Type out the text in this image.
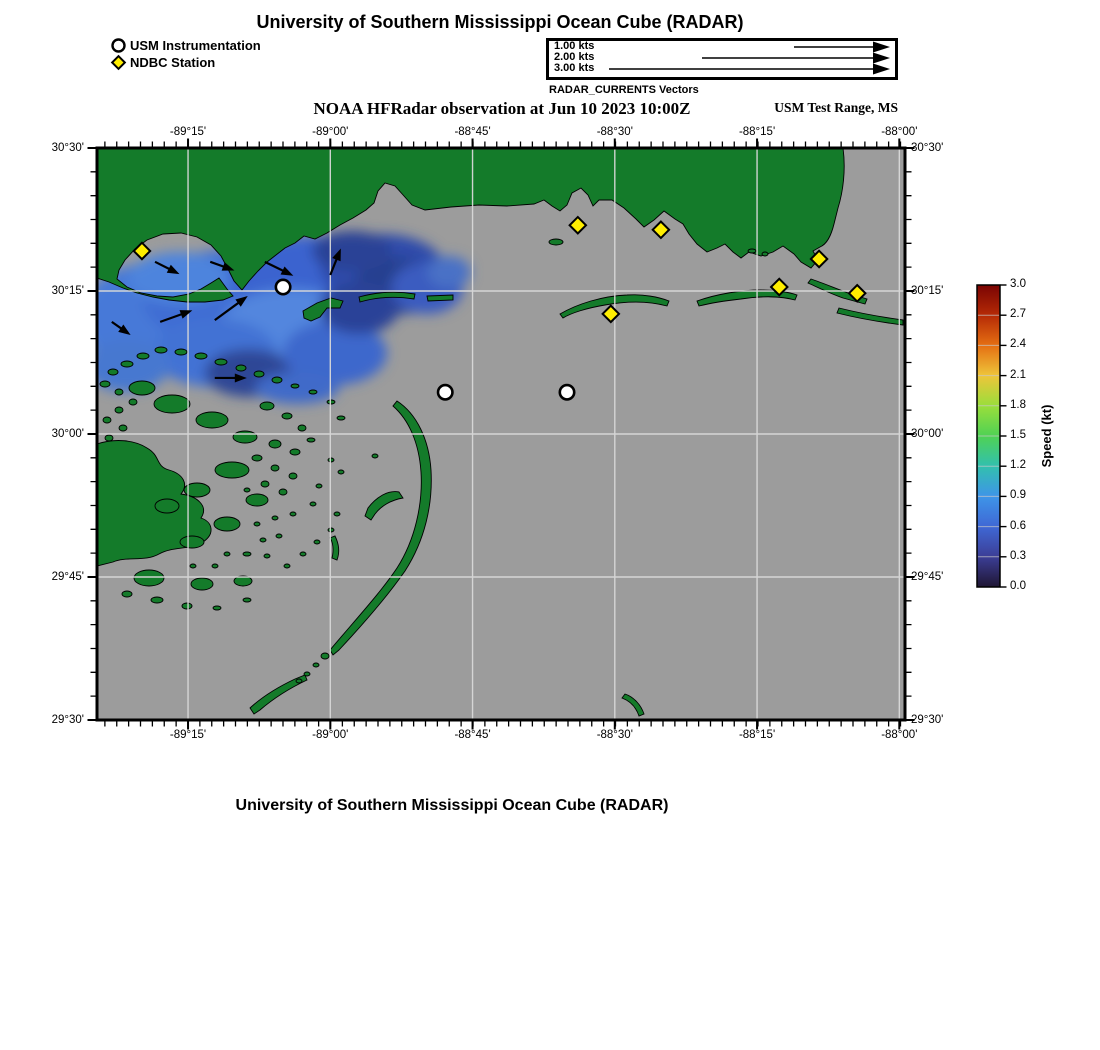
University of Southern Mississippi Ocean Cube (RADAR)
USM Instrumentation
NDBC Station
1.00 kts
2.00 kts
3.00 kts
RADAR_CURRENTS Vectors
NOAA HFRadar observation at Jun 10 2023 10:00Z	USM Test Range, MS
-89°15'
-89°15'
-89°00'
-89°00'
-88°45'
-88°45'
-88°30'
-88°30'
-88°15'
-88°15'
-88°00'
-88°00'
30°30'	30°30'
30°15'	30°15'
30°00'	30°00'
29°45'	29°45'
29°30'	29°30'
0.0
0.3
0.6
0.9
1.2
1.5
1.8
2.1
2.4
2.7
3.0
Speed (kt)
University of Southern Mississippi Ocean Cube (RADAR)
